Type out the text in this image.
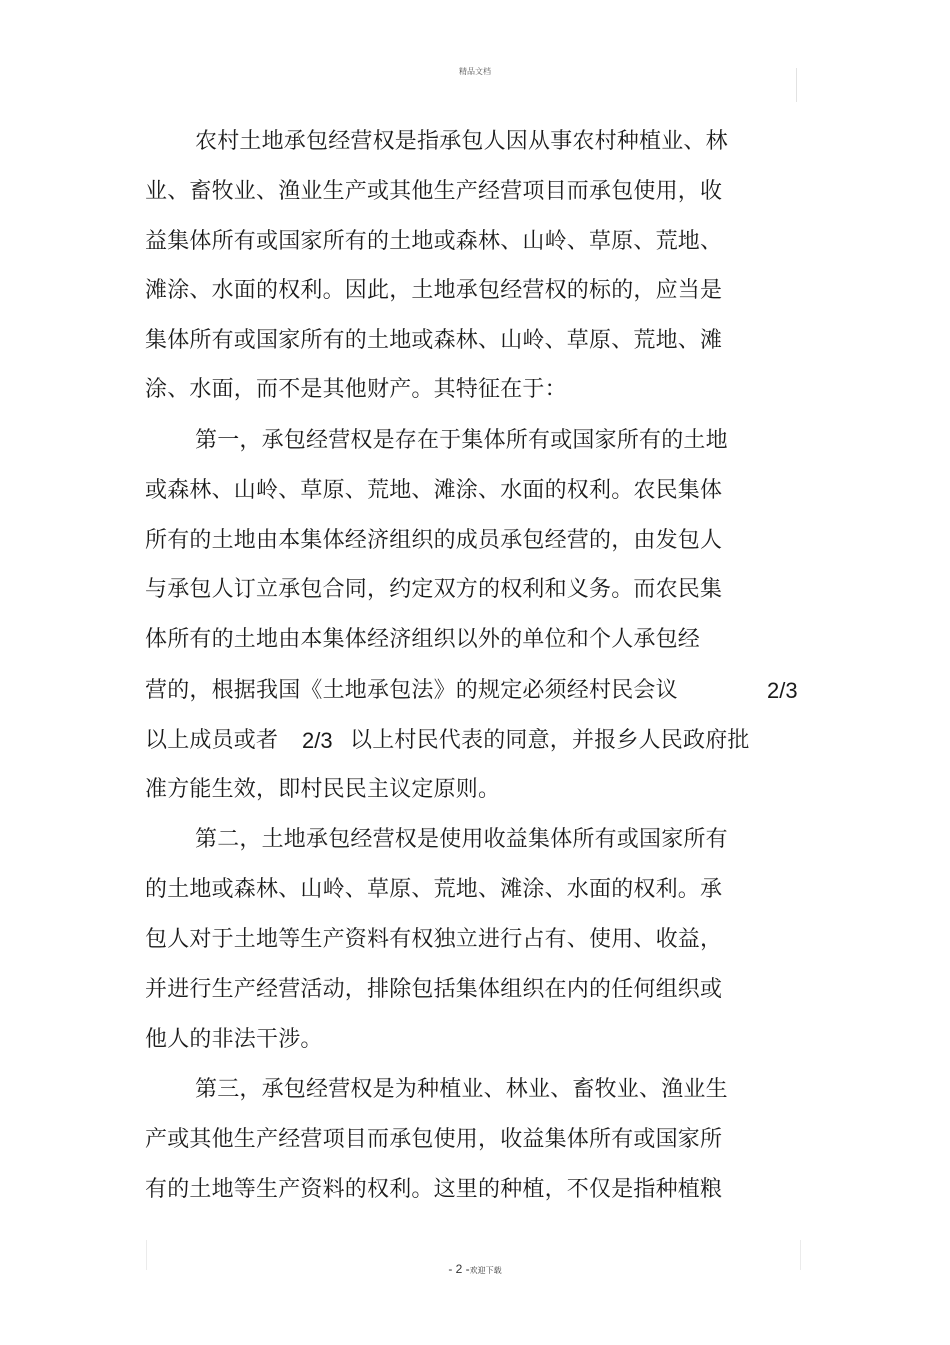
精品文档
农村土地承包经营权是指承包人因从事农村种植业、林
业、畜牧业、渔业生产或其他生产经营项目而承包使用，收
益集体所有或国家所有的土地或森林、山岭、草原、荒地、
滩涂、水面的权利。因此，土地承包经营权的标的，应当是
集体所有或国家所有的土地或森林、山岭、草原、荒地、滩
涂、水面，而不是其他财产。其特征在于：
第一，承包经营权是存在于集体所有或国家所有的土地
或森林、山岭、草原、荒地、滩涂、水面的权利。农民集体
所有的土地由本集体经济组织的成员承包经营的，由发包人
与承包人订立承包合同，约定双方的权利和义务。而农民集
体所有的土地由本集体经济组织以外的单位和个人承包经
营的，根据我国《土地承包法》的规定必须经村民会议	2/3
以上成员或者 2/3 以上村民代表的同意，并报乡人民政府批
准方能生效，即村民民主议定原则。
第二，土地承包经营权是使用收益集体所有或国家所有
的土地或森林、山岭、草原、荒地、滩涂、水面的权利。承
包人对于土地等生产资料有权独立进行占有、使用、收益，
并进行生产经营活动，排除包括集体组织在内的任何组织或
他人的非法干涉。
第三，承包经营权是为种植业、林业、畜牧业、渔业生
产或其他生产经营项目而承包使用，收益集体所有或国家所
有的土地等生产资料的权利。这里的种植，不仅是指种植粮
- 2 -欢迎下载
